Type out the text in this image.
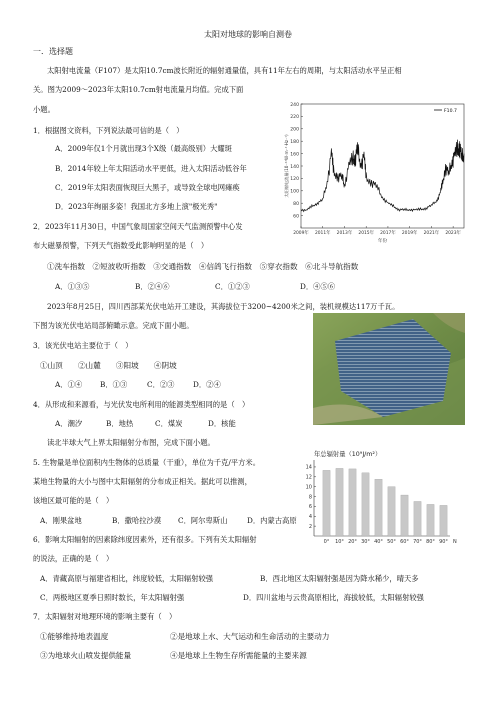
太阳对地球的影响自测卷
一．选择题
太阳射电流量（F107）是太阳10.7cm波长附近的辐射通量值，具有11年左右的周期，与太阳活动水平呈正相
关。图为2009～2023年太阳10.7cm射电流量月均值。完成下面
小题。
1．根据图文资料，下列说法最可信的是（　）
A．2009年仅1个月就出现3个X级（最高级别）大耀斑
B．2014年较上年太阳活动水平更低，进入太阳活动低谷年
C．2019年太阳表面恢现巨大黑子，或导致全球电网瘫痪
D．2023年绚丽多姿！我国北方多地上演"极光秀"
2．2023年11月30日，中国气象局国家空间天气监测预警中心发
布大磁暴预警，下列天气指数受此影响明显的是（　）
①洗车指数　②短波收听指数　③交通指数　④信鸽飞行指数　⑤穿衣指数　⑥北斗导航指数
A．①③⑤	B．②④⑥	C．①②③	D．④⑤⑥
2023年8月25日，四川西部某光伏电站开工建设，其海拔位于3200~4200米之间，装机规模达117万千瓦。
下图为该光伏电站局部俯瞰示意。完成下面小题。
3．该光伏电站主要位于（　）
①山顶　　②山麓　　③阳坡　　④阴坡
A．①④ B．①③	C．②③	D．②④
4．从形成和来源看，与光伏发电所利用的能源类型相同的是（　）
A．潮汐	B．地热	C．煤炭	D．核能
读北半球大气上界太阳辐射分布图，完成下面小题。
5. 生物量是单位面积内生物体的总质量（干重），单位为千克/平方米。
某地生物量的大小与图中太阳辐射的分布成正相关。据此可以推测，
该地区最可能的是（　）
A．刚果盆地	B．撒哈拉沙漠 C．阿尔卑斯山	D．内蒙古高原
6．影响太阳辐射的因素除纬度因素外，还有很多。下列有关太阳辐射
的说法，正确的是（　）
A．青藏高原与福建省相比，纬度较低，太阳辐射较强	B．西北地区太阳辐射强是因为降水稀少，晴天多
C．两极地区夏季日照时数长，年太阳辐射强	D．四川盆地与云贵高原相比，海拔较低，太阳辐射较强
7．太阳辐射对地理环境的影响主要有（　）
①能够维持地表温度	②是地球上水、大气运动和生命活动的主要动力
③为地球火山喷发提供能量	④是地球上生物生存所需能量的主要来源
60
80
100
120
140
160
180
200
220
240
2009年 2011年 2013年 2015年 2017年 2019年 2021年 2023年
年份
太阳射电流量(10⁻²²W·m⁻²·Hz⁻¹)
F10.7
年总辐射量（10⁹J/m²）
2
4
6
8
10
12
14
0° 10° 20° 30° 40° 50° 60° 70° 80° 90° N
